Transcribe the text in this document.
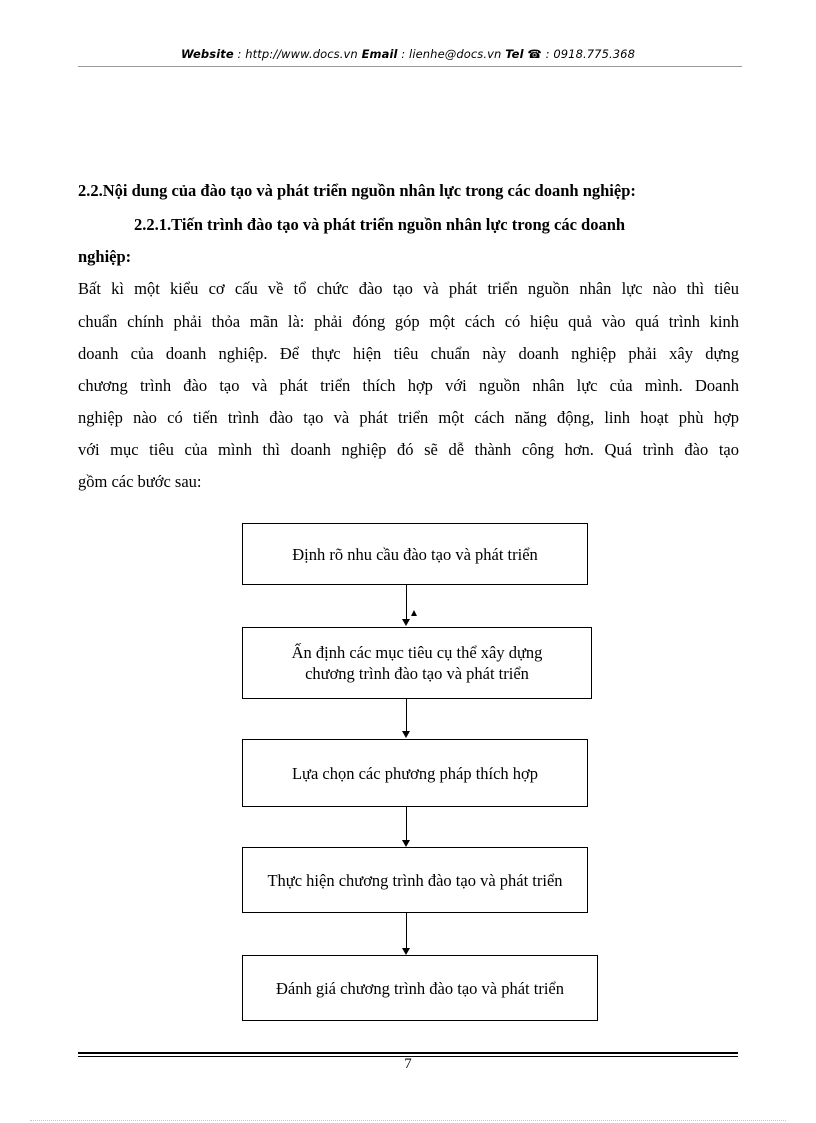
Website : http://www.docs.vn Email : lienhe@docs.vn Tel ☎ : 0918.775.368
2.2.Nội dung của đào tạo và phát triển nguồn nhân lực trong các doanh nghiệp:
2.2.1.Tiến trình đào tạo và phát triển nguồn nhân lực trong các doanh
nghiệp:
Bất kì một kiểu cơ cấu về tổ chức đào tạo và phát triển nguồn nhân lực nào thì tiêu
chuẩn chính phải thỏa mãn là: phải đóng góp một cách có hiệu quả vào quá trình kinh
doanh của doanh nghiệp. Để thực hiện tiêu chuẩn này doanh nghiệp phải xây dựng
chương trình đào tạo và phát triển thích hợp với nguồn nhân lực của mình. Doanh
nghiệp nào có tiến trình đào tạo và phát triển một cách năng động, linh hoạt phù hợp
với mục tiêu của mình thì doanh nghiệp đó sẽ dễ thành công hơn. Quá trình đào tạo
gồm các bước sau:
Định rõ nhu cầu đào tạo và phát triển
Ấn định các mục tiêu cụ thể xây dựng chương trình đào tạo và phát triển
Lựa chọn các phương pháp thích hợp
Thực hiện chương trình đào tạo và phát triển
Đánh giá chương trình đào tạo và phát triển
7
